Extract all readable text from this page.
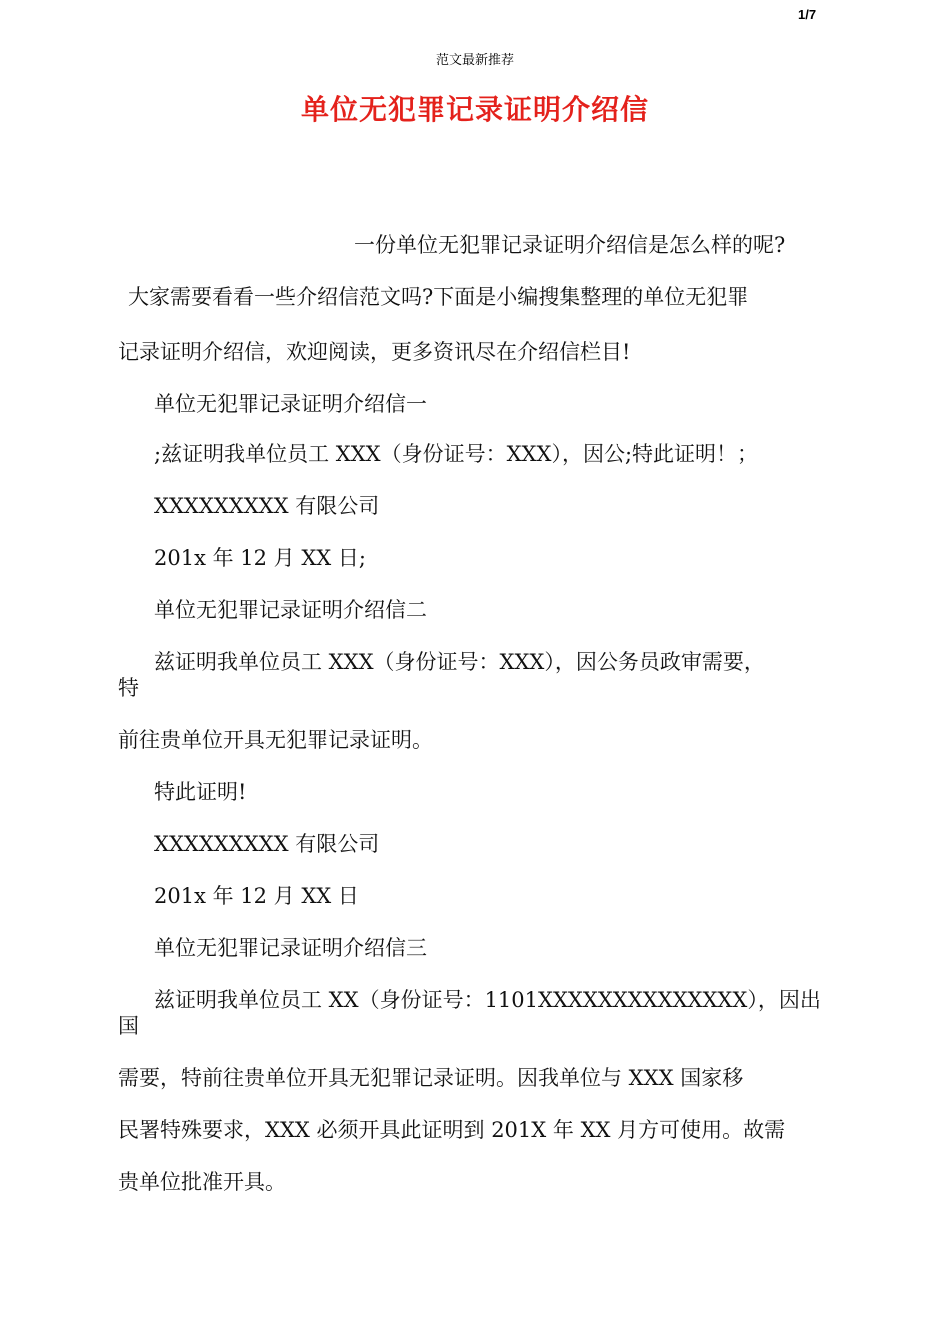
1/7
范文最新推荐
单位无犯罪记录证明介绍信
一份单位无犯罪记录证明介绍信是怎么样的呢?
大家需要看看一些介绍信范文吗?下面是小编搜集整理的单位无犯罪
记录证明介绍信，欢迎阅读，更多资讯尽在介绍信栏目!
单位无犯罪记录证明介绍信一
;兹证明我单位员工 XXX（身份证号：XXX），因公;特此证明！；
XXXXXXXXX 有限公司
201x 年 12 月 XX 日;
单位无犯罪记录证明介绍信二
兹证明我单位员工 XXX（身份证号：XXX），因公务员政审需要，
特
前往贵单位开具无犯罪记录证明。
特此证明!
XXXXXXXXX 有限公司
201x 年 12 月 XX 日
单位无犯罪记录证明介绍信三
兹证明我单位员工 XX（身份证号：1101XXXXXXXXXXXXXX），因出
国
需要，特前往贵单位开具无犯罪记录证明。因我单位与 XXX 国家移
民署特殊要求，XXX 必须开具此证明到 201X 年 XX 月方可使用。故需
贵单位批准开具。
